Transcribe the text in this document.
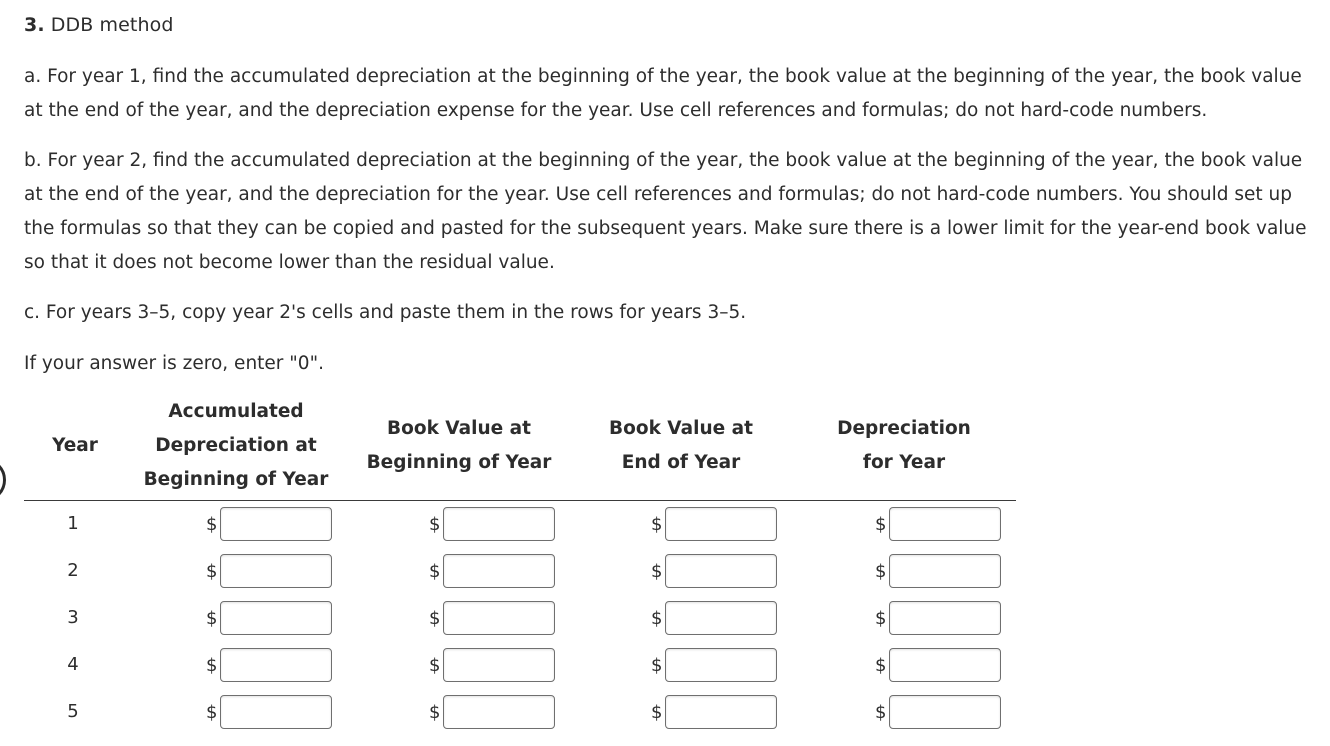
3. DDB method
a. For year 1, find the accumulated depreciation at the beginning of the year, the book value at the beginning of the year, the book value at the end of the year, and the depreciation expense for the year. Use cell references and formulas; do not hard-code numbers.
b. For year 2, find the accumulated depreciation at the beginning of the year, the book value at the beginning of the year, the book value at the end of the year, and the depreciation for the year. Use cell references and formulas; do not hard-code numbers. You should set up the formulas so that they can be copied and pasted for the subsequent years. Make sure there is a lower limit for the year-end book value so that it does not become lower than the residual value.
c. For years 3–5, copy year 2's cells and paste them in the rows for years 3–5.
If your answer is zero, enter "0".
Year
Accumulated
Depreciation at
Beginning of Year
Book Value at
Beginning of Year
Book Value at
End of Year
Depreciation
for Year
1	$	$	$	$
2	$	$	$	$
3	$	$	$	$
4	$	$	$	$
5	$	$	$	$
